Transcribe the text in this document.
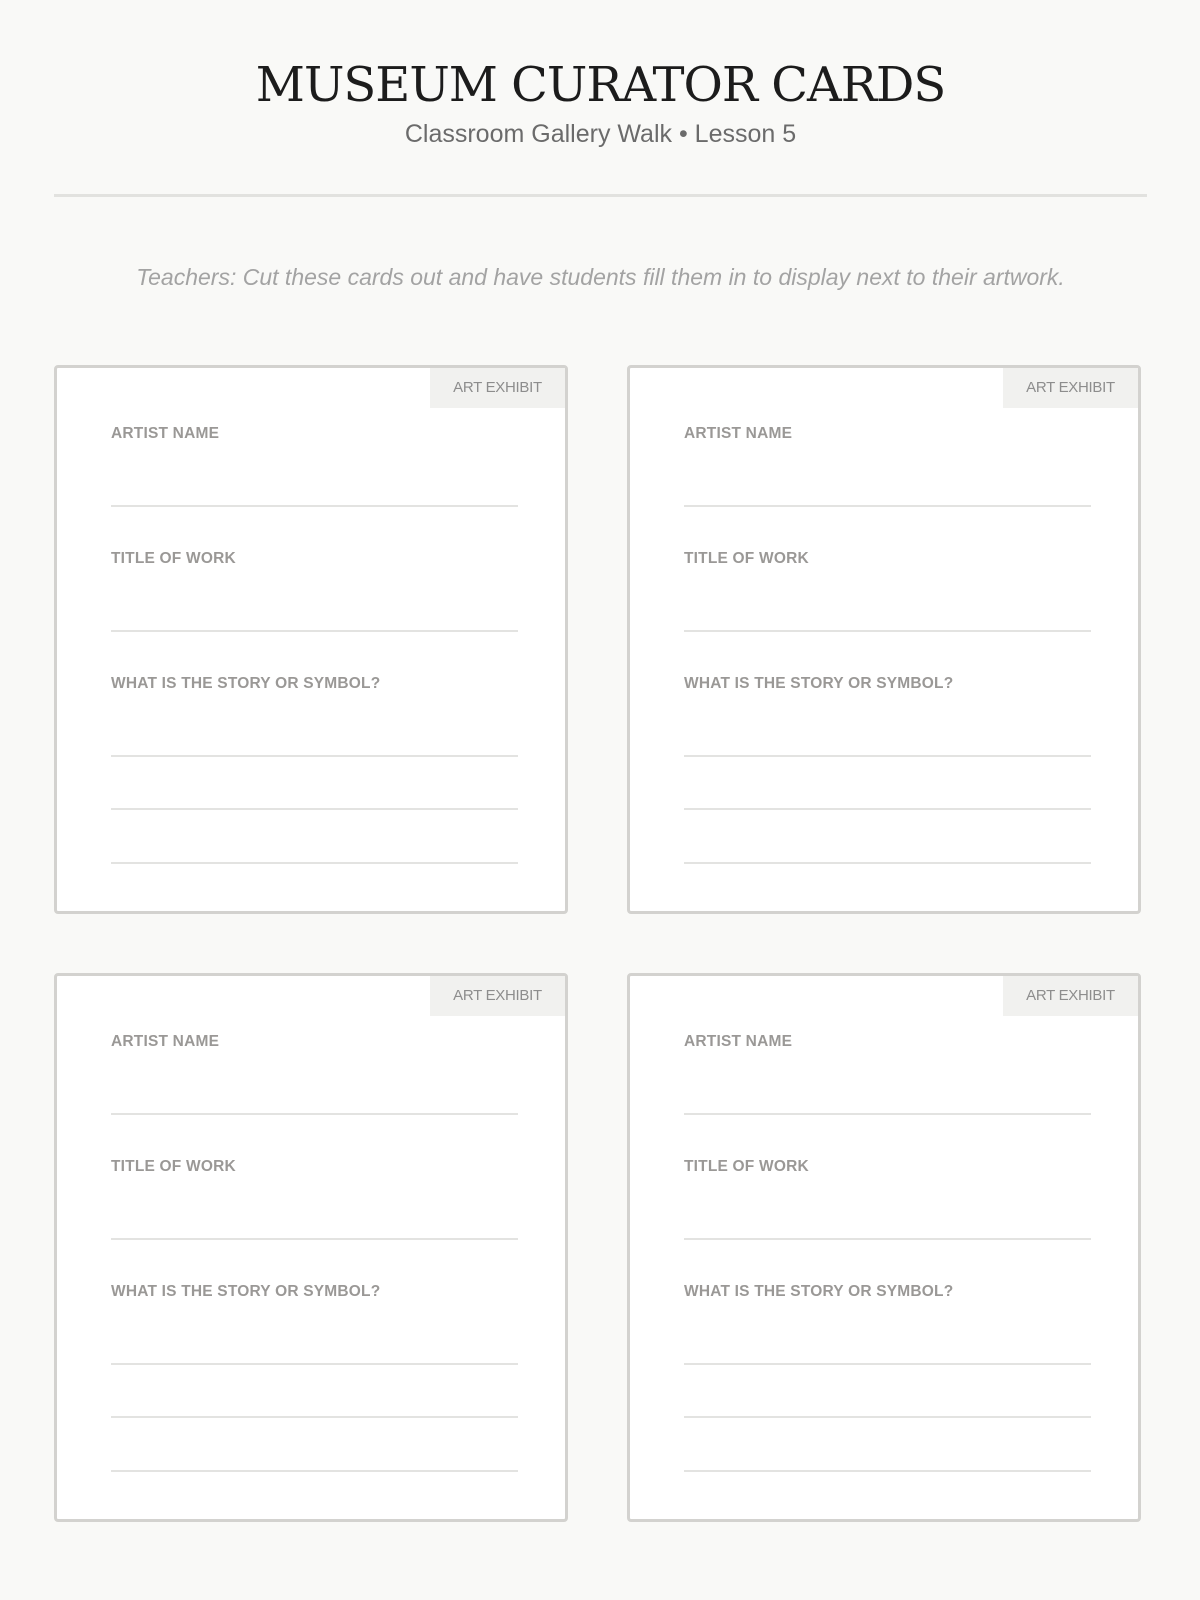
MUSEUM CURATOR CARDS
Classroom Gallery Walk • Lesson 5
Teachers: Cut these cards out and have students fill them in to display next to their artwork.
ART EXHIBIT
ARTIST NAME
TITLE OF WORK
WHAT IS THE STORY OR SYMBOL?
ART EXHIBIT
ARTIST NAME
TITLE OF WORK
WHAT IS THE STORY OR SYMBOL?
ART EXHIBIT
ARTIST NAME
TITLE OF WORK
WHAT IS THE STORY OR SYMBOL?
ART EXHIBIT
ARTIST NAME
TITLE OF WORK
WHAT IS THE STORY OR SYMBOL?
